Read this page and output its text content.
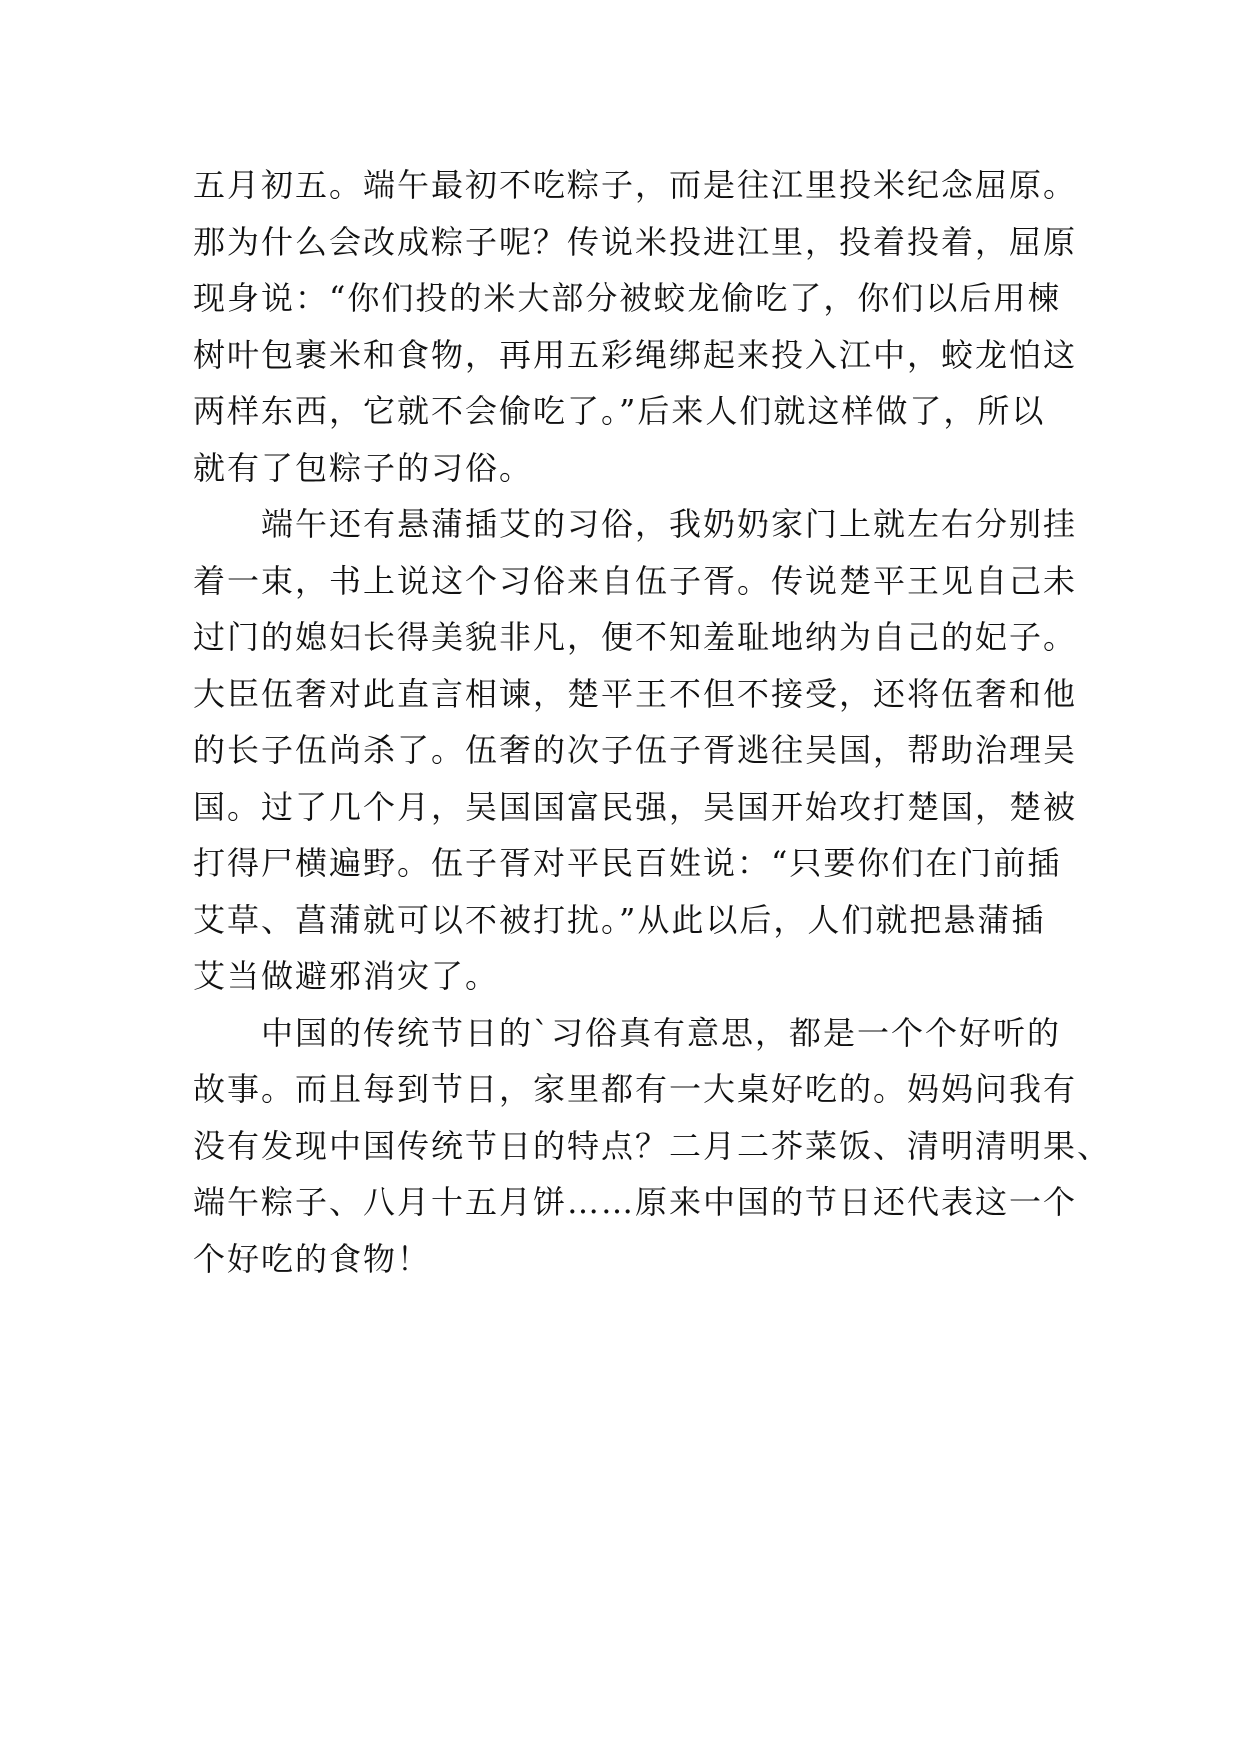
五月初五。端午最初不吃粽子，而是往江里投米纪念屈原。
那为什么会改成粽子呢？传说米投进江里，投着投着，屈原
现身说：“你们投的米大部分被蛟龙偷吃了，你们以后用楝
树叶包裹米和食物，再用五彩绳绑起来投入江中，蛟龙怕这
两样东西，它就不会偷吃了。”后来人们就这样做了，所以
就有了包粽子的习俗。
　　端午还有悬蒲插艾的习俗，我奶奶家门上就左右分别挂
着一束，书上说这个习俗来自伍子胥。传说楚平王见自己未
过门的媳妇长得美貌非凡，便不知羞耻地纳为自己的妃子。
大臣伍奢对此直言相谏，楚平王不但不接受，还将伍奢和他
的长子伍尚杀了。伍奢的次子伍子胥逃往吴国，帮助治理吴
国。过了几个月，吴国国富民强，吴国开始攻打楚国，楚被
打得尸横遍野。伍子胥对平民百姓说：“只要你们在门前插
艾草、菖蒲就可以不被打扰。”从此以后，人们就把悬蒲插
艾当做避邪消灾了。
　　中国的传统节日的`习俗真有意思，都是一个个好听的
故事。而且每到节日，家里都有一大桌好吃的。妈妈问我有
没有发现中国传统节日的特点？二月二芥菜饭、清明清明果、
端午粽子、八月十五月饼……原来中国的节日还代表这一个
个好吃的食物！
